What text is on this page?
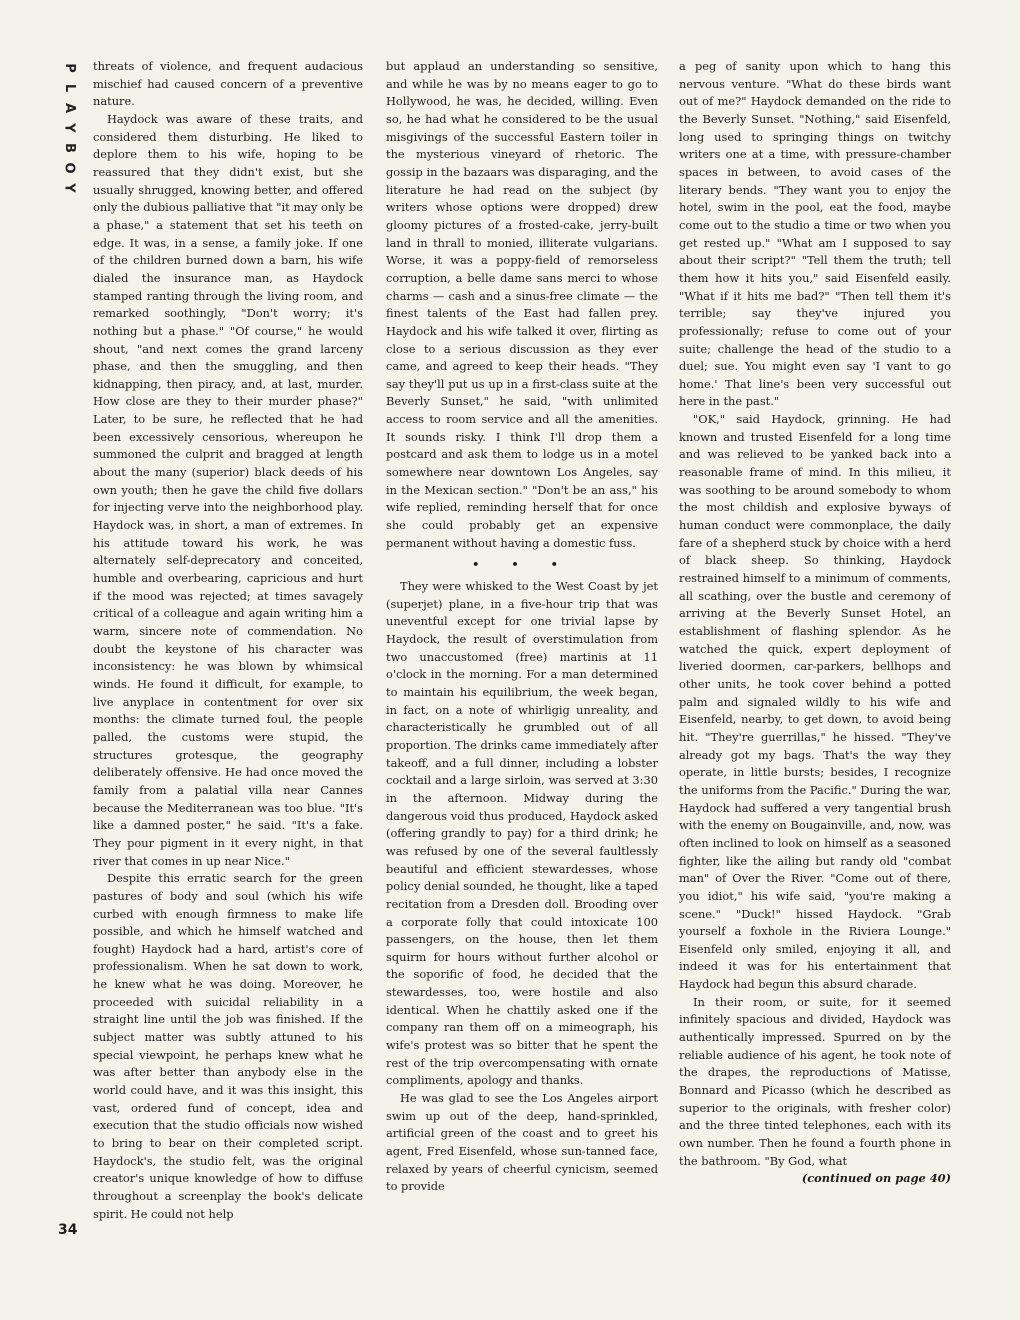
P
L
A
Y
B
O
Y

threats of violence, and frequent audacious mischief had caused concern of a preventive nature.

Haydock was aware of these traits, and considered them disturbing. He liked to deplore them to his wife, hoping to be reassured that they didn't exist, but she usually shrugged, knowing better, and offered only the dubious palliative that "it may only be a phase," a statement that set his teeth on edge. It was, in a sense, a family joke. If one of the children burned down a barn, his wife dialed the insurance man, as Haydock stamped ranting through the living room, and remarked soothingly, "Don't worry; it's nothing but a phase." "Of course," he would shout, "and next comes the grand larceny phase, and then the smuggling, and then kidnapping, then piracy, and, at last, murder. How close are they to their murder phase?" Later, to be sure, he reflected that he had been excessively censorious, whereupon he summoned the culprit and bragged at length about the many (superior) black deeds of his own youth; then he gave the child five dollars for injecting verve into the neighborhood play. Haydock was, in short, a man of extremes. In his attitude toward his work, he was alternately self-deprecatory and conceited, humble and overbearing, capricious and hurt if the mood was rejected; at times savagely critical of a colleague and again writing him a warm, sincere note of commendation. No doubt the keystone of his character was inconsistency: he was blown by whimsical winds. He found it difficult, for example, to live anyplace in contentment for over six months: the climate turned foul, the people palled, the customs were stupid, the structures grotesque, the geography deliberately offensive. He had once moved the family from a palatial villa near Cannes because the Mediterranean was too blue. "It's like a damned poster," he said. "It's a fake. They pour pigment in it every night, in that river that comes in up near Nice."

Despite this erratic search for the green pastures of body and soul (which his wife curbed with enough firmness to make life possible, and which he himself watched and fought) Haydock had a hard, artist's core of professionalism. When he sat down to work, he knew what he was doing. Moreover, he proceeded with suicidal reliability in a straight line until the job was finished. If the subject matter was subtly attuned to his special viewpoint, he perhaps knew what he was after better than anybody else in the world could have, and it was this insight, this vast, ordered fund of concept, idea and execution that the studio officials now wished to bring to bear on their completed script. Haydock's, the studio felt, was the original creator's unique knowledge of how to diffuse throughout a screenplay the book's delicate spirit. He could not help

but applaud an understanding so sensitive, and while he was by no means eager to go to Hollywood, he was, he decided, willing. Even so, he had what he considered to be the usual misgivings of the successful Eastern toiler in the mysterious vineyard of rhetoric. The gossip in the bazaars was disparaging, and the literature he had read on the subject (by writers whose options were dropped) drew gloomy pictures of a frosted-cake, jerry-built land in thrall to monied, illiterate vulgarians. Worse, it was a poppy-field of remorseless corruption, a belle dame sans merci to whose charms — cash and a sinus-free climate — the finest talents of the East had fallen prey. Haydock and his wife talked it over, flirting as close to a serious discussion as they ever came, and agreed to keep their heads. "They say they'll put us up in a first-class suite at the Beverly Sunset," he said, "with unlimited access to room service and all the amenities. It sounds risky. I think I'll drop them a postcard and ask them to lodge us in a motel somewhere near downtown Los Angeles, say in the Mexican section." "Don't be an ass," his wife replied, reminding herself that for once she could probably get an expensive permanent without having a domestic fuss.

• • •

They were whisked to the West Coast by jet (superjet) plane, in a five-hour trip that was uneventful except for one trivial lapse by Haydock, the result of overstimulation from two unaccustomed (free) martinis at 11 o'clock in the morning. For a man determined to maintain his equilibrium, the week began, in fact, on a note of whirligig unreality, and characteristically he grumbled out of all proportion. The drinks came immediately after takeoff, and a full dinner, including a lobster cocktail and a large sirloin, was served at 3:30 in the afternoon. Midway during the dangerous void thus produced, Haydock asked (offering grandly to pay) for a third drink; he was refused by one of the several faultlessly beautiful and efficient stewardesses, whose policy denial sounded, he thought, like a taped recitation from a Dresden doll. Brooding over a corporate folly that could intoxicate 100 passengers, on the house, then let them squirm for hours without further alcohol or the soporific of food, he decided that the stewardesses, too, were hostile and also identical. When he chattily asked one if the company ran them off on a mimeograph, his wife's protest was so bitter that he spent the rest of the trip overcompensating with ornate compliments, apology and thanks.

He was glad to see the Los Angeles airport swim up out of the deep, hand-sprinkled, artificial green of the coast and to greet his agent, Fred Eisenfeld, whose sun-tanned face, relaxed by years of cheerful cynicism, seemed to provide

a peg of sanity upon which to hang this nervous venture. "What do these birds want out of me?" Haydock demanded on the ride to the Beverly Sunset. "Nothing," said Eisenfeld, long used to springing things on twitchy writers one at a time, with pressure-chamber spaces in between, to avoid cases of the literary bends. "They want you to enjoy the hotel, swim in the pool, eat the food, maybe come out to the studio a time or two when you get rested up." "What am I supposed to say about their script?" "Tell them the truth; tell them how it hits you," said Eisenfeld easily. "What if it hits me bad?" "Then tell them it's terrible; say they've injured you professionally; refuse to come out of your suite; challenge the head of the studio to a duel; sue. You might even say 'I vant to go home.' That line's been very successful out here in the past."

"OK," said Haydock, grinning. He had known and trusted Eisenfeld for a long time and was relieved to be yanked back into a reasonable frame of mind. In this milieu, it was soothing to be around somebody to whom the most childish and explosive byways of human conduct were commonplace, the daily fare of a shepherd stuck by choice with a herd of black sheep. So thinking, Haydock restrained himself to a minimum of comments, all scathing, over the bustle and ceremony of arriving at the Beverly Sunset Hotel, an establishment of flashing splendor. As he watched the quick, expert deployment of liveried doormen, car-parkers, bellhops and other units, he took cover behind a potted palm and signaled wildly to his wife and Eisenfeld, nearby, to get down, to avoid being hit. "They're guerrillas," he hissed. "They've already got my bags. That's the way they operate, in little bursts; besides, I recognize the uniforms from the Pacific." During the war, Haydock had suffered a very tangential brush with the enemy on Bougainville, and, now, was often inclined to look on himself as a seasoned fighter, like the ailing but randy old "combat man" of Over the River. "Come out of there, you idiot," his wife said, "you're making a scene." "Duck!" hissed Haydock. "Grab yourself a foxhole in the Riviera Lounge." Eisenfeld only smiled, enjoying it all, and indeed it was for his entertainment that Haydock had begun this absurd charade.

In their room, or suite, for it seemed infinitely spacious and divided, Haydock was authentically impressed. Spurred on by the reliable audience of his agent, he took note of the drapes, the reproductions of Matisse, Bonnard and Picasso (which he described as superior to the originals, with fresher color) and the three tinted telephones, each with its own number. Then he found a fourth phone in the bathroom. "By God, what

(continued on page 40)
34
